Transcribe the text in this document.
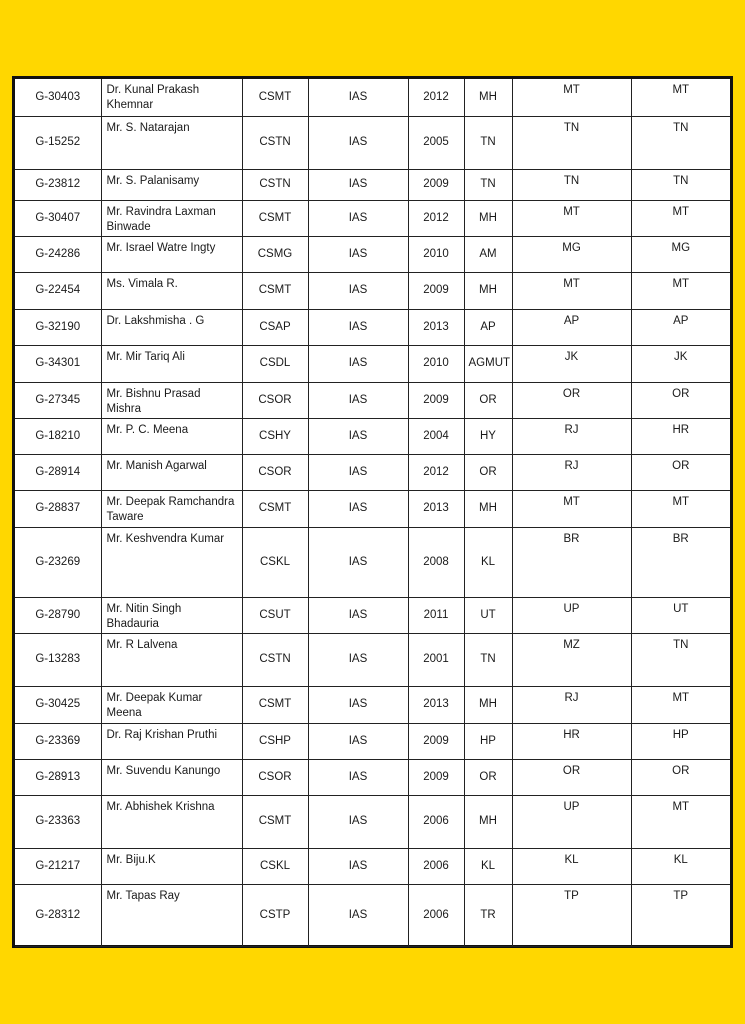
G-30403	Dr. Kunal Prakash Khemnar	CSMT	IAS	2012	MH	MT	MT
G-15252	Mr. S. Natarajan	CSTN	IAS	2005	TN	TN	TN
G-23812	Mr. S. Palanisamy	CSTN	IAS	2009	TN	TN	TN
G-30407	Mr. Ravindra Laxman Binwade	CSMT	IAS	2012	MH	MT	MT
G-24286	Mr. Israel Watre Ingty	CSMG	IAS	2010	AM	MG	MG
G-22454	Ms. Vimala R.	CSMT	IAS	2009	MH	MT	MT
G-32190	Dr. Lakshmisha . G	CSAP	IAS	2013	AP	AP	AP
G-34301	Mr. Mir Tariq Ali	CSDL	IAS	2010	AGMUT	JK	JK
G-27345	Mr. Bishnu Prasad Mishra	CSOR	IAS	2009	OR	OR	OR
G-18210	Mr. P. C. Meena	CSHY	IAS	2004	HY	RJ	HR
G-28914	Mr. Manish Agarwal	CSOR	IAS	2012	OR	RJ	OR
G-28837	Mr. Deepak Ramchandra Taware	CSMT	IAS	2013	MH	MT	MT
G-23269	Mr. Keshvendra Kumar	CSKL	IAS	2008	KL	BR	BR
G-28790	Mr. Nitin Singh Bhadauria	CSUT	IAS	2011	UT	UP	UT
G-13283	Mr. R Lalvena	CSTN	IAS	2001	TN	MZ	TN
G-30425	Mr. Deepak Kumar Meena	CSMT	IAS	2013	MH	RJ	MT
G-23369	Dr. Raj Krishan Pruthi	CSHP	IAS	2009	HP	HR	HP
G-28913	Mr. Suvendu Kanungo	CSOR	IAS	2009	OR	OR	OR
G-23363	Mr. Abhishek Krishna	CSMT	IAS	2006	MH	UP	MT
G-21217	Mr. Biju.K	CSKL	IAS	2006	KL	KL	KL
G-28312	Mr. Tapas Ray	CSTP	IAS	2006	TR	TP	TP
